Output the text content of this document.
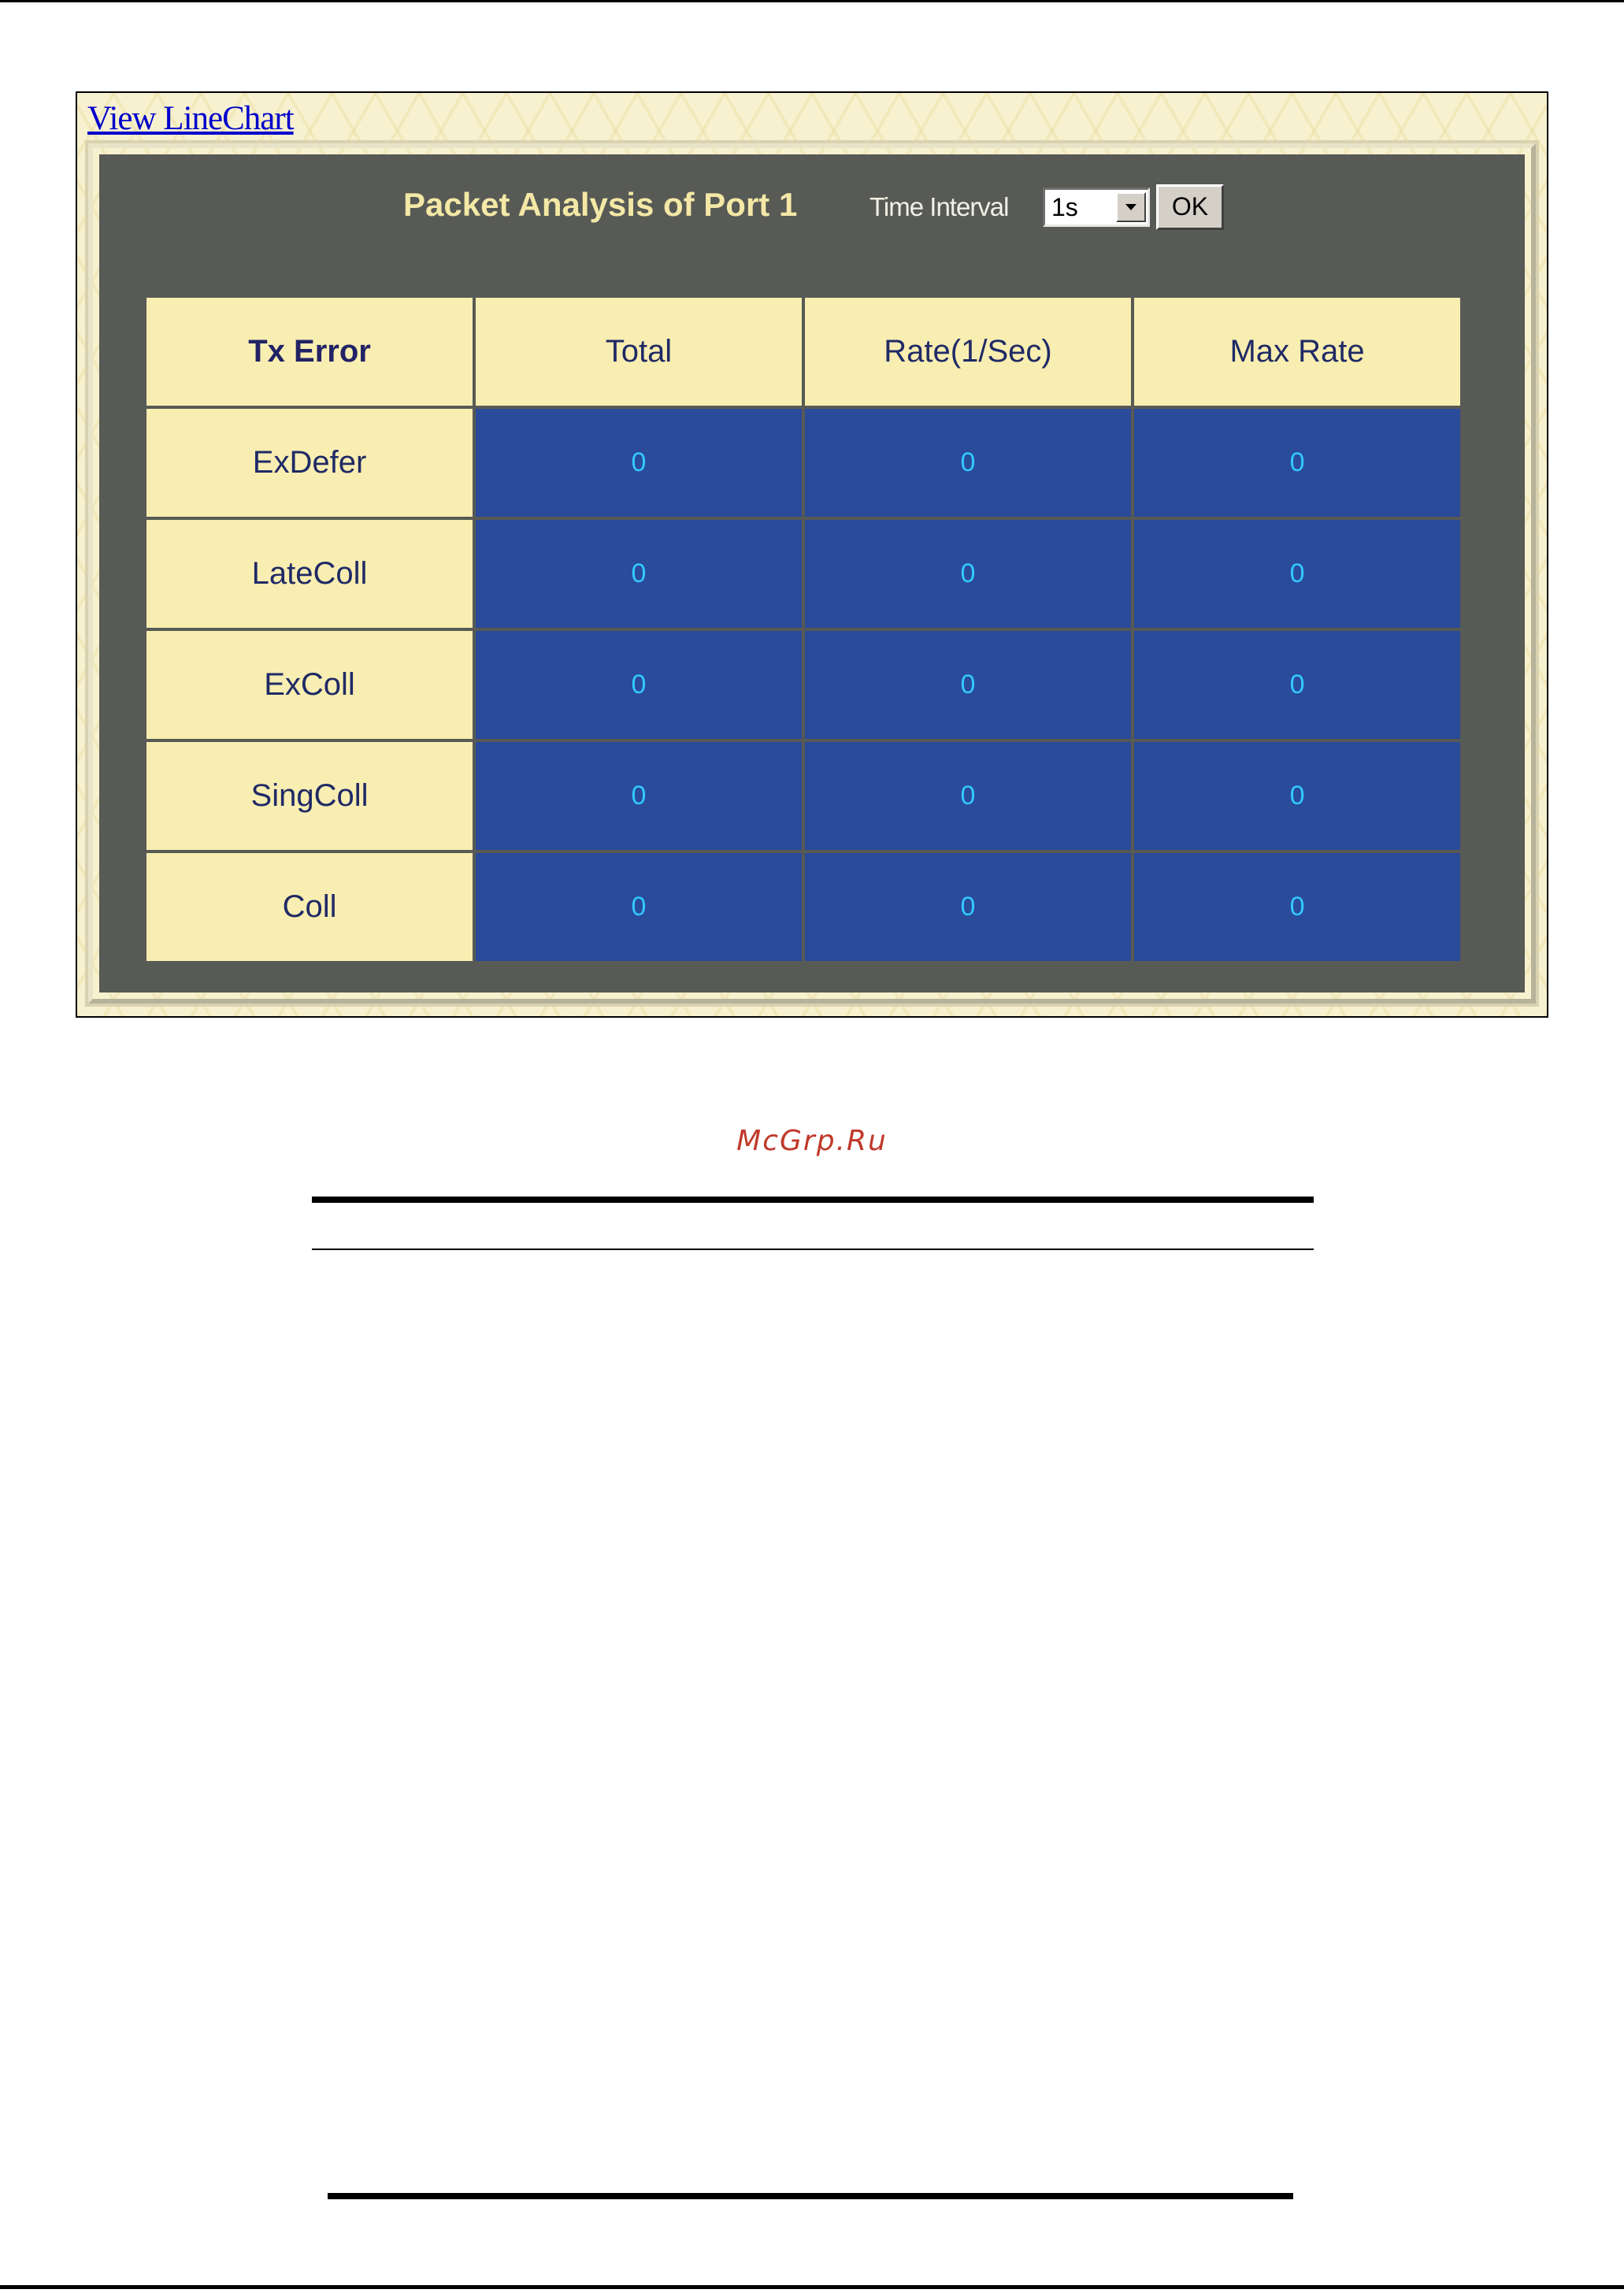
View LineChart
Packet Analysis of Port 1	Time Interval 1s	OK
Tx Error	Total	Rate(1/Sec)	Max Rate
ExDefer	0	0	0
LateColl	0	0	0
ExColl	0	0	0
SingColl	0	0	0
Coll	0	0	0
McGrp.Ru
